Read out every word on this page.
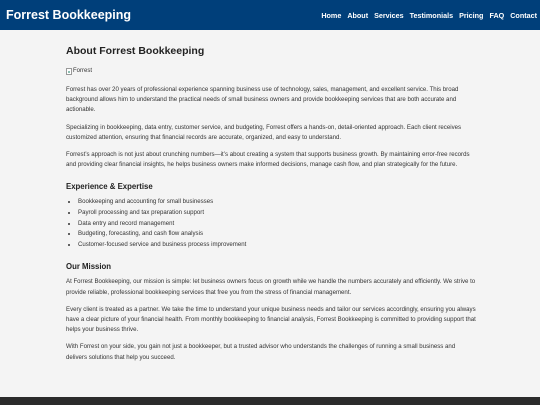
Forrest Bookkeeping	Home About Services Testimonials Pricing FAQ Contact
About Forrest Bookkeeping
Forrest

Forrest has over 20 years of professional experience spanning business use of technology, sales, management, and excellent service. This broad background allows him to understand the practical needs of small business owners and provide bookkeeping services that are both accurate and actionable.

Specializing in bookkeeping, data entry, customer service, and budgeting, Forrest offers a hands-on, detail-oriented approach. Each client receives customized attention, ensuring that financial records are accurate, organized, and easy to understand.

Forrest’s approach is not just about crunching numbers—it’s about creating a system that supports business growth. By maintaining error-free records and providing clear financial insights, he helps business owners make informed decisions, manage cash flow, and plan strategically for the future.

Experience & Expertise
• Bookkeeping and accounting for small businesses
• Payroll processing and tax preparation support
• Data entry and record management
• Budgeting, forecasting, and cash flow analysis
• Customer-focused service and business process improvement
Our Mission

At Forrest Bookkeeping, our mission is simple: let business owners focus on growth while we handle the numbers accurately and efficiently. We strive to provide reliable, professional bookkeeping services that free you from the stress of financial management.

Every client is treated as a partner. We take the time to understand your unique business needs and tailor our services accordingly, ensuring you always have a clear picture of your financial health. From monthly bookkeeping to financial analysis, Forrest Bookkeeping is committed to providing support that helps your business thrive.

With Forrest on your side, you gain not just a bookkeeper, but a trusted advisor who understands the challenges of running a small business and delivers solutions that help you succeed.
